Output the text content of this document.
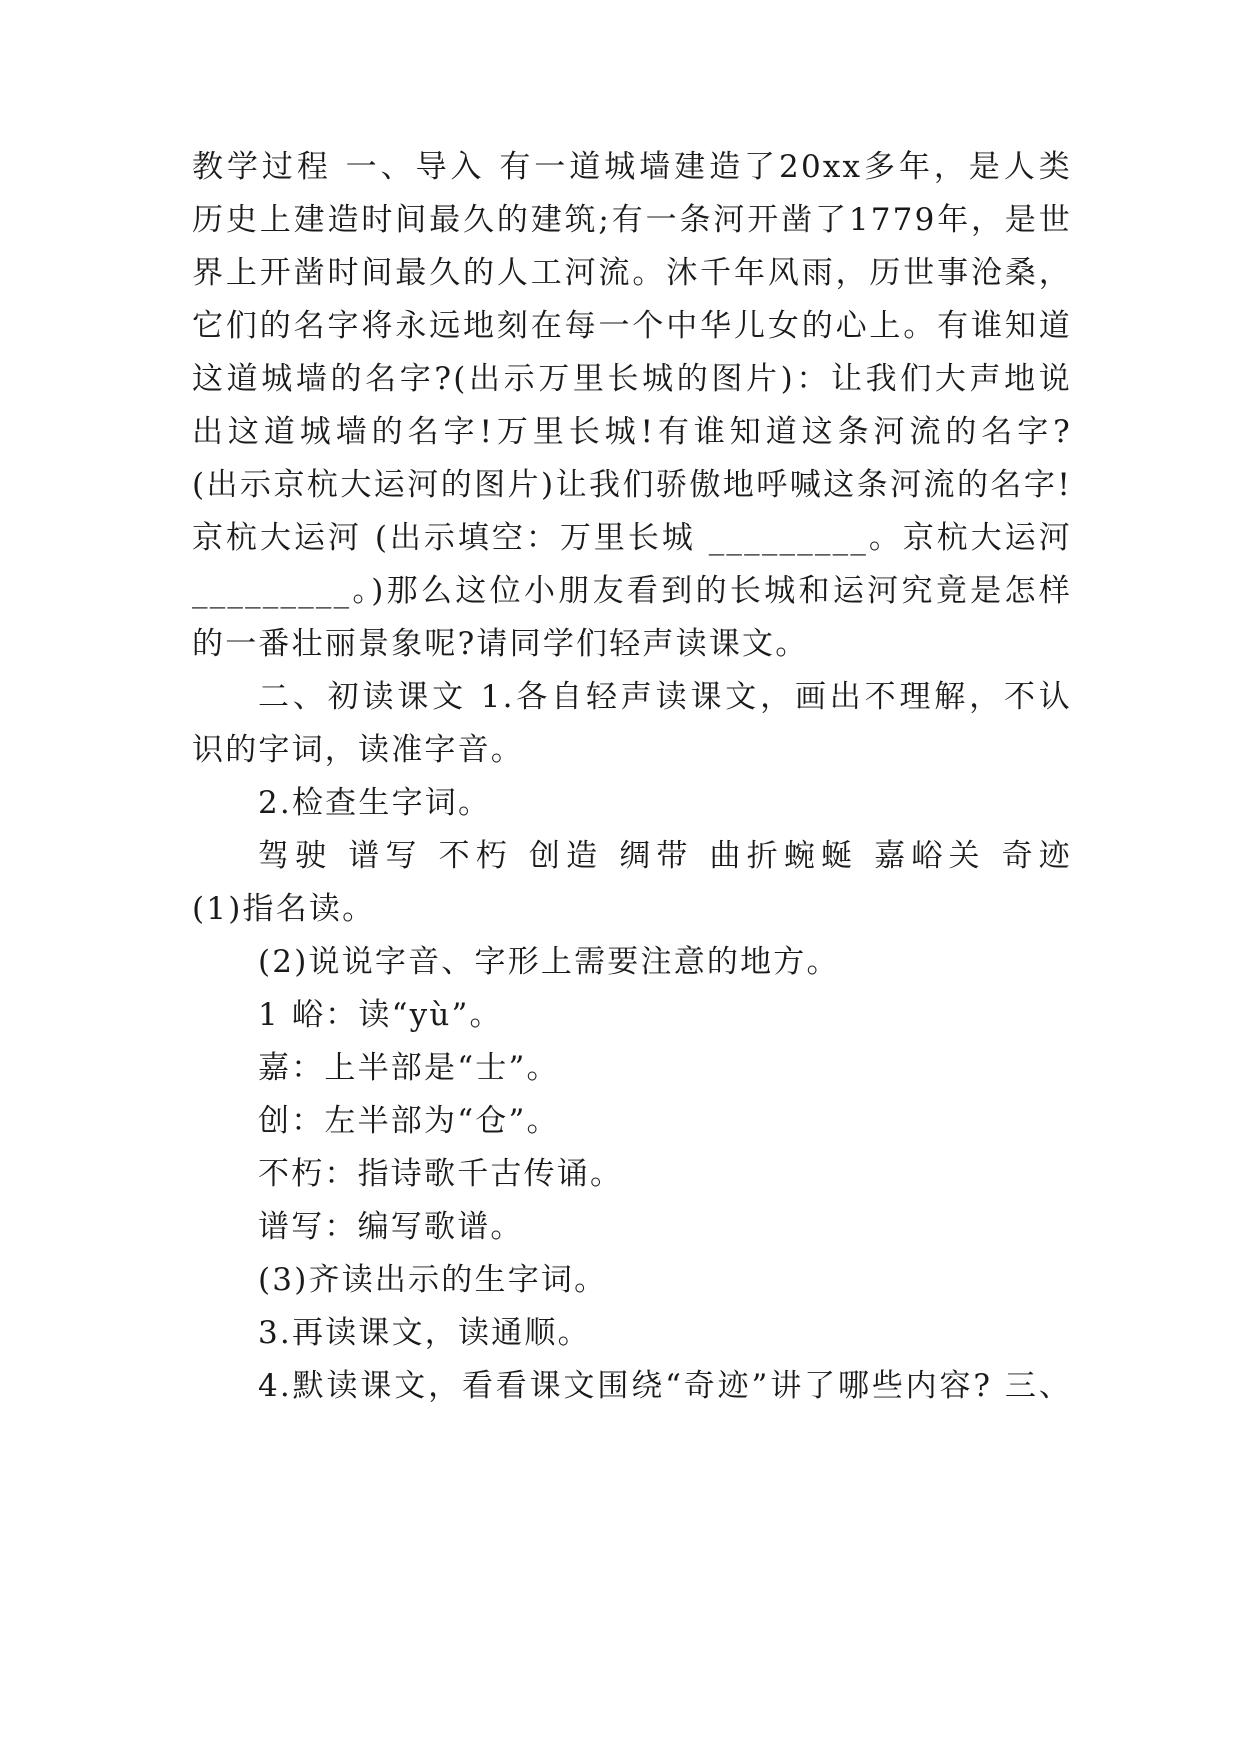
教学过程 一、导入 有一道城墙建造了20xx多年，是人类
历史上建造时间最久的建筑;有一条河开凿了1779年，是世
界上开凿时间最久的人工河流。沐千年风雨，历世事沧桑，
它们的名字将永远地刻在每一个中华儿女的心上。有谁知道
这道城墙的名字?(出示万里长城的图片)：让我们大声地说
出这道城墙的名字!万里长城!有谁知道这条河流的名字?
(出示京杭大运河的图片)让我们骄傲地呼喊这条河流的名字!
京杭大运河 (出示填空：万里长城 _________。京杭大运河
_________。)那么这位小朋友看到的长城和运河究竟是怎样
的一番壮丽景象呢?请同学们轻声读课文。
二、初读课文 1.各自轻声读课文，画出不理解，不认
识的字词，读准字音。
2.检查生字词。
驾驶 谱写 不朽 创造 绸带 曲折蜿蜒 嘉峪关 奇迹
(1)指名读。
(2)说说字音、字形上需要注意的地方。
1 峪：读“yù”。
嘉：上半部是“士”。
创：左半部为“仓”。
不朽：指诗歌千古传诵。
谱写：编写歌谱。
(3)齐读出示的生字词。
3.再读课文，读通顺。
4.默读课文，看看课文围绕“奇迹”讲了哪些内容? 三、
